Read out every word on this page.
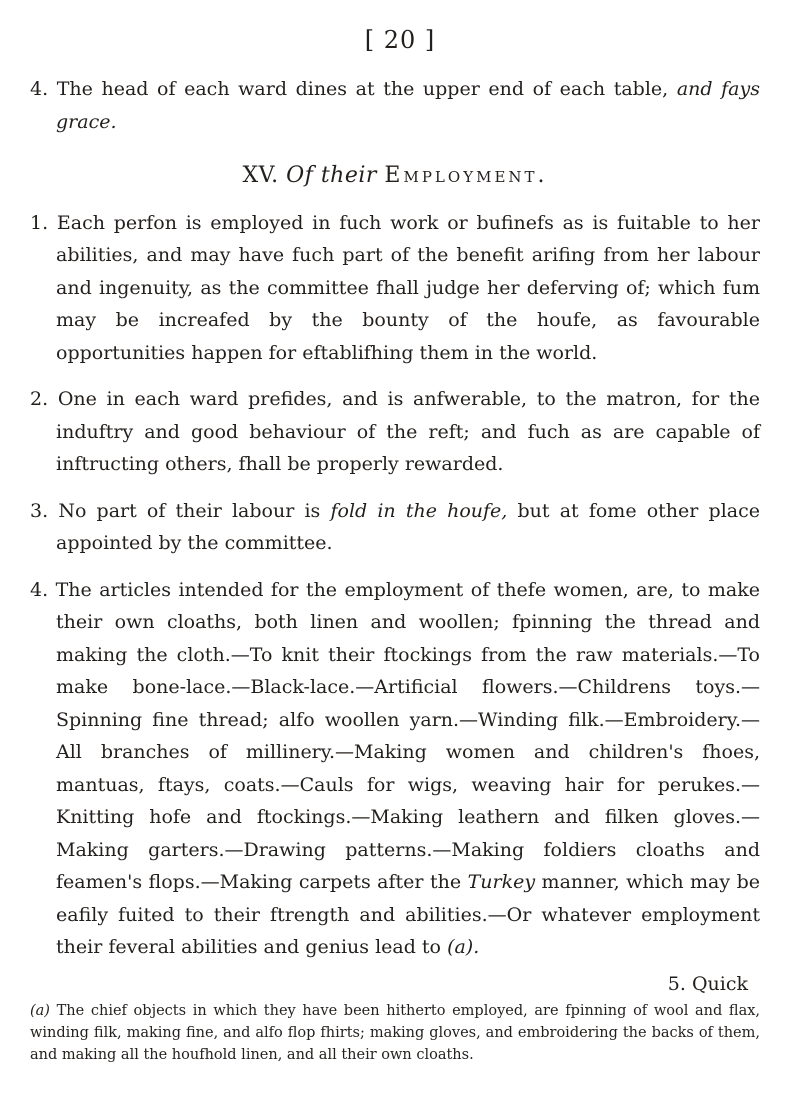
[ 20 ]

4. The head of each ward dines at the upper end of each table, and fays grace.

XV. Of their Employment.

1. Each perfon is employed in fuch work or bufinefs as is fuitable to her abilities, and may have fuch part of the benefit arifing from her labour and ingenuity, as the committee fhall judge her deferving of; which fum may be increafed by the bounty of the houfe, as favourable opportunities happen for eftablifhing them in the world.

2. One in each ward prefides, and is anfwerable, to the matron, for the induftry and good behaviour of the reft; and fuch as are capable of inftructing others, fhall be properly rewarded.

3. No part of their labour is fold in the houfe, but at fome other place appointed by the committee.

4. The articles intended for the employment of thefe women, are, to make their own cloaths, both linen and woollen; fpinning the thread and making the cloth.—To knit their ftockings from the raw materials.—To make bone-lace.—Black-lace.—Artificial flowers.—Childrens toys.—Spinning fine thread; alfo woollen yarn.—Winding filk.—Embroidery.—All branches of millinery.—Making women and children's fhoes, mantuas, ftays, coats.—Cauls for wigs, weaving hair for perukes.—Knitting hofe and ftockings.—Making leathern and filken gloves.—Making garters.—Drawing patterns.—Making foldiers cloaths and feamen's flops.—Making carpets after the Turkey manner, which may be eafily fuited to their ftrength and abilities.—Or whatever employment their feveral abilities and genius lead to (a).

5. Quick
(a) The chief objects in which they have been hitherto employed, are fpinning of wool and flax, winding filk, making fine, and alfo flop fhirts; making gloves, and embroidering the backs of them, and making all the houfhold linen, and all their own cloaths.
